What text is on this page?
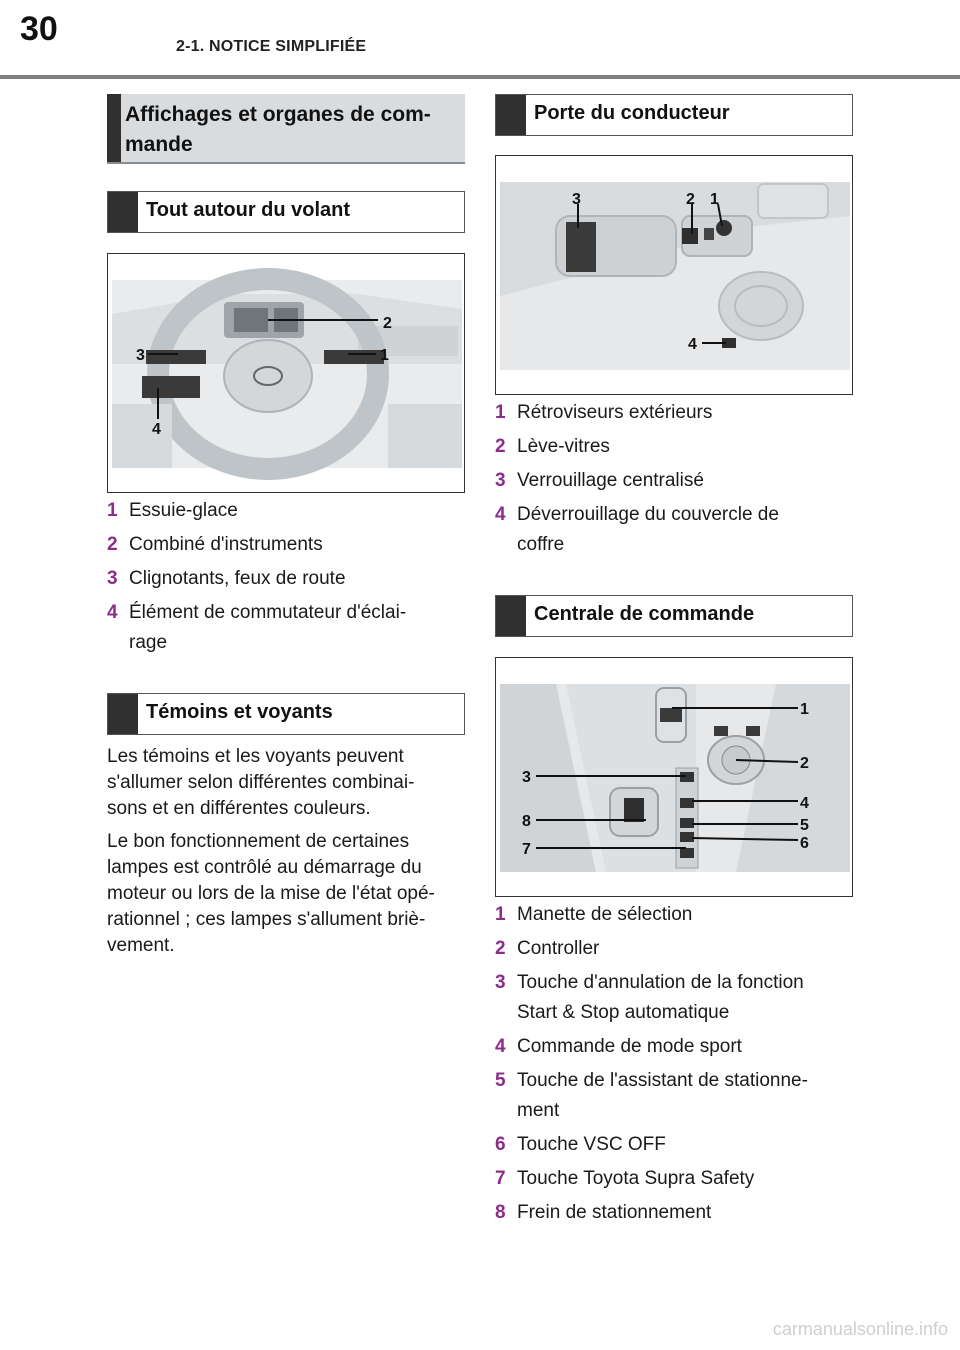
30	2-1. NOTICE SIMPLIFIÉE
Affichages et organes de com-
mande
Tout autour du volant
2
3	1
4
1 Essuie-glace
2 Combiné d'instruments
3 Clignotants, feux de route
4 Élément de commutateur d'éclai-
rage
Témoins et voyants
Les témoins et les voyants peuvent
s'allumer selon différentes combinai-
sons et en différentes couleurs.
Le bon fonctionnement de certaines
lampes est contrôlé au démarrage du
moteur ou lors de la mise de l'état opé-
rationnel ; ces lampes s'allument briè-
vement.
Porte du conducteur
3	2 1
4
1 Rétroviseurs extérieurs
2 Lève-vitres
3 Verrouillage centralisé
4 Déverrouillage du couvercle de
coffre
Centrale de commande
1
2
3
4
5
6
7
8
1 Manette de sélection
2 Controller
3 Touche d'annulation de la fonction
Start & Stop automatique
4 Commande de mode sport
5 Touche de l'assistant de stationne-
ment
6 Touche VSC OFF
7 Touche Toyota Supra Safety
8 Frein de stationnement
carmanualsonline.info
